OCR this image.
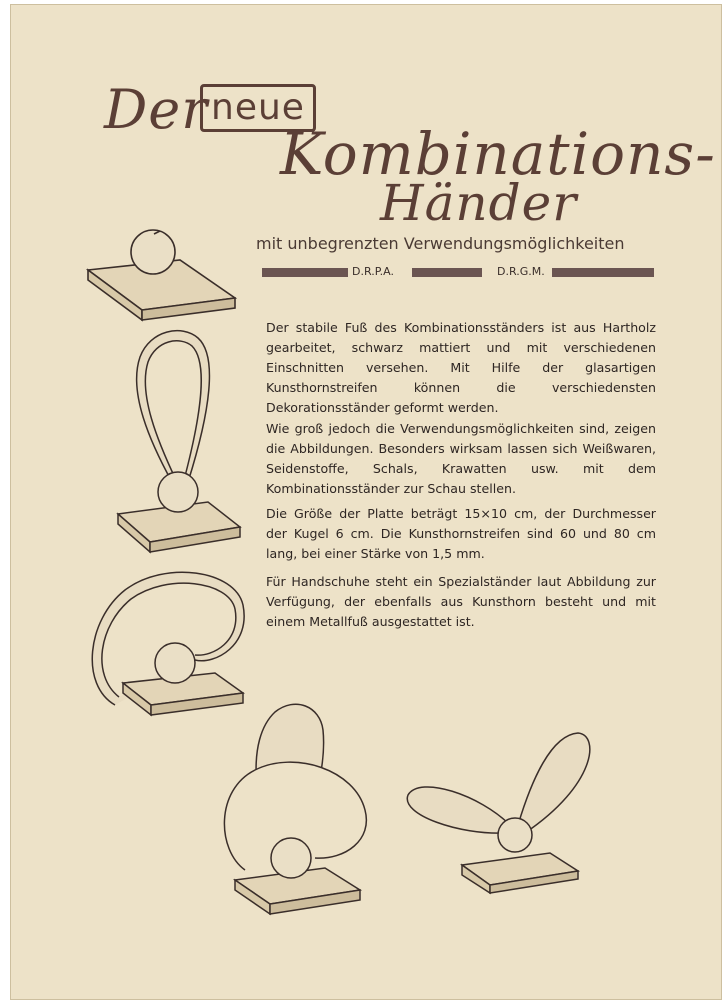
Der neue
Kombinations-
Händer
mit unbegrenzten Verwendungsmöglichkeiten
D.R.P.A.	D.R.G.M.

Der stabile Fuß des Kombinationsständers ist aus Hartholz gearbeitet, schwarz mattiert und mit verschiedenen Einschnitten versehen. Mit Hilfe der glasartigen Kunsthornstreifen können die verschiedensten Dekorationsständer geformt werden.

Wie groß jedoch die Verwendungsmöglichkeiten sind, zeigen die Abbildungen. Besonders wirksam lassen sich Weißwaren, Seidenstoffe, Schals, Krawatten usw. mit dem Kombinationsständer zur Schau stellen.

Die Größe der Platte beträgt 15×10 cm, der Durchmesser der Kugel 6 cm. Die Kunsthornstreifen sind 60 und 80 cm lang, bei einer Stärke von 1,5 mm.

Für Handschuhe steht ein Spezialständer laut Abbildung zur Verfügung, der ebenfalls aus Kunsthorn besteht und mit einem Metallfuß ausgestattet ist.
